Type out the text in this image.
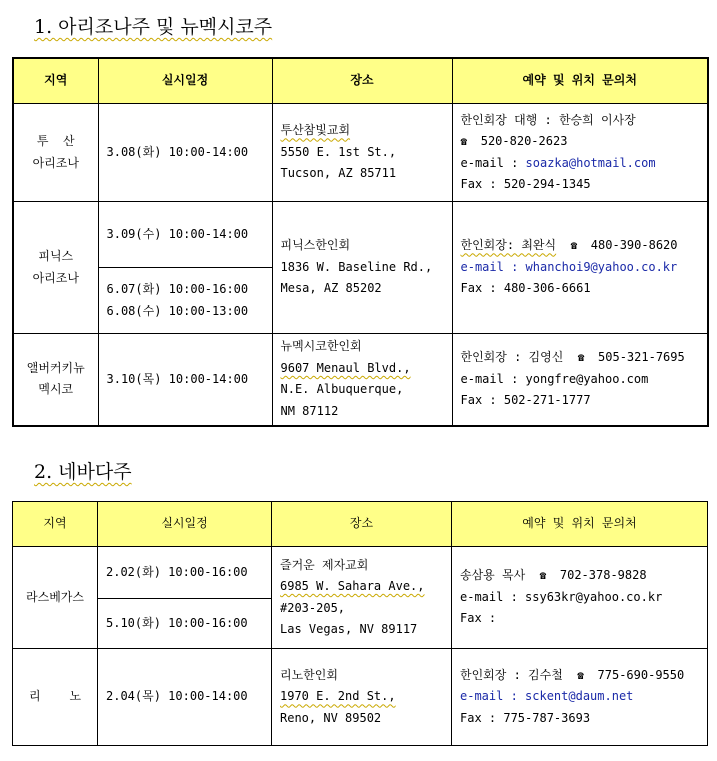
1. 아리조나주 및 뉴멕시코주
지역	실시일정	장소	예약 및 위치 문의처

투  산
아리조나	3.08(화) 10:00-14:00	투산참빛교회
5550 E. 1st St.,
Tucson, AZ 85711	한인회장 대행 : 한승희 이사장
☎ 520-820-2623
e-mail : soazka@hotmail.com
Fax : 520-294-1345

피닉스
아리조나	3.09(수) 10:00-14:00	피닉스한인회
1836 W. Baseline Rd.,
Mesa, AZ 85202	한인회장: 최완식 ☎ 480-390-8620
e-mail : whanchoi9@yahoo.co.kr
Fax : 480-306-6661

	6.07(화) 10:00-16:00
6.08(수) 10:00-13:00		

앨버커키뉴
멕시코	3.10(목) 10:00-14:00	뉴멕시코한인회
9607 Menaul Blvd.,
N.E. Albuquerque,
NM 87112	한인회장 : 김영신 ☎ 505-321-7695
e-mail : yongfre@yahoo.com
Fax : 502-271-1777
2. 네바다주
지역	실시일정	장소	예약 및 위치 문의처

라스베가스	2.02(화) 10:00-16:00	즐거운 제자교회
6985 W. Sahara Ave.,
#203-205,
Las Vegas, NV 89117	송삼용 목사 ☎ 702-378-9828
e-mail : ssy63kr@yahoo.co.kr
Fax :

	5.10(화) 10:00-16:00		

리    노	2.04(목) 10:00-14:00	리노한인회
1970 E. 2nd St.,
Reno, NV 89502	한인회장 : 김수철 ☎ 775-690-9550
e-mail : sckent@daum.net
Fax : 775-787-3693
